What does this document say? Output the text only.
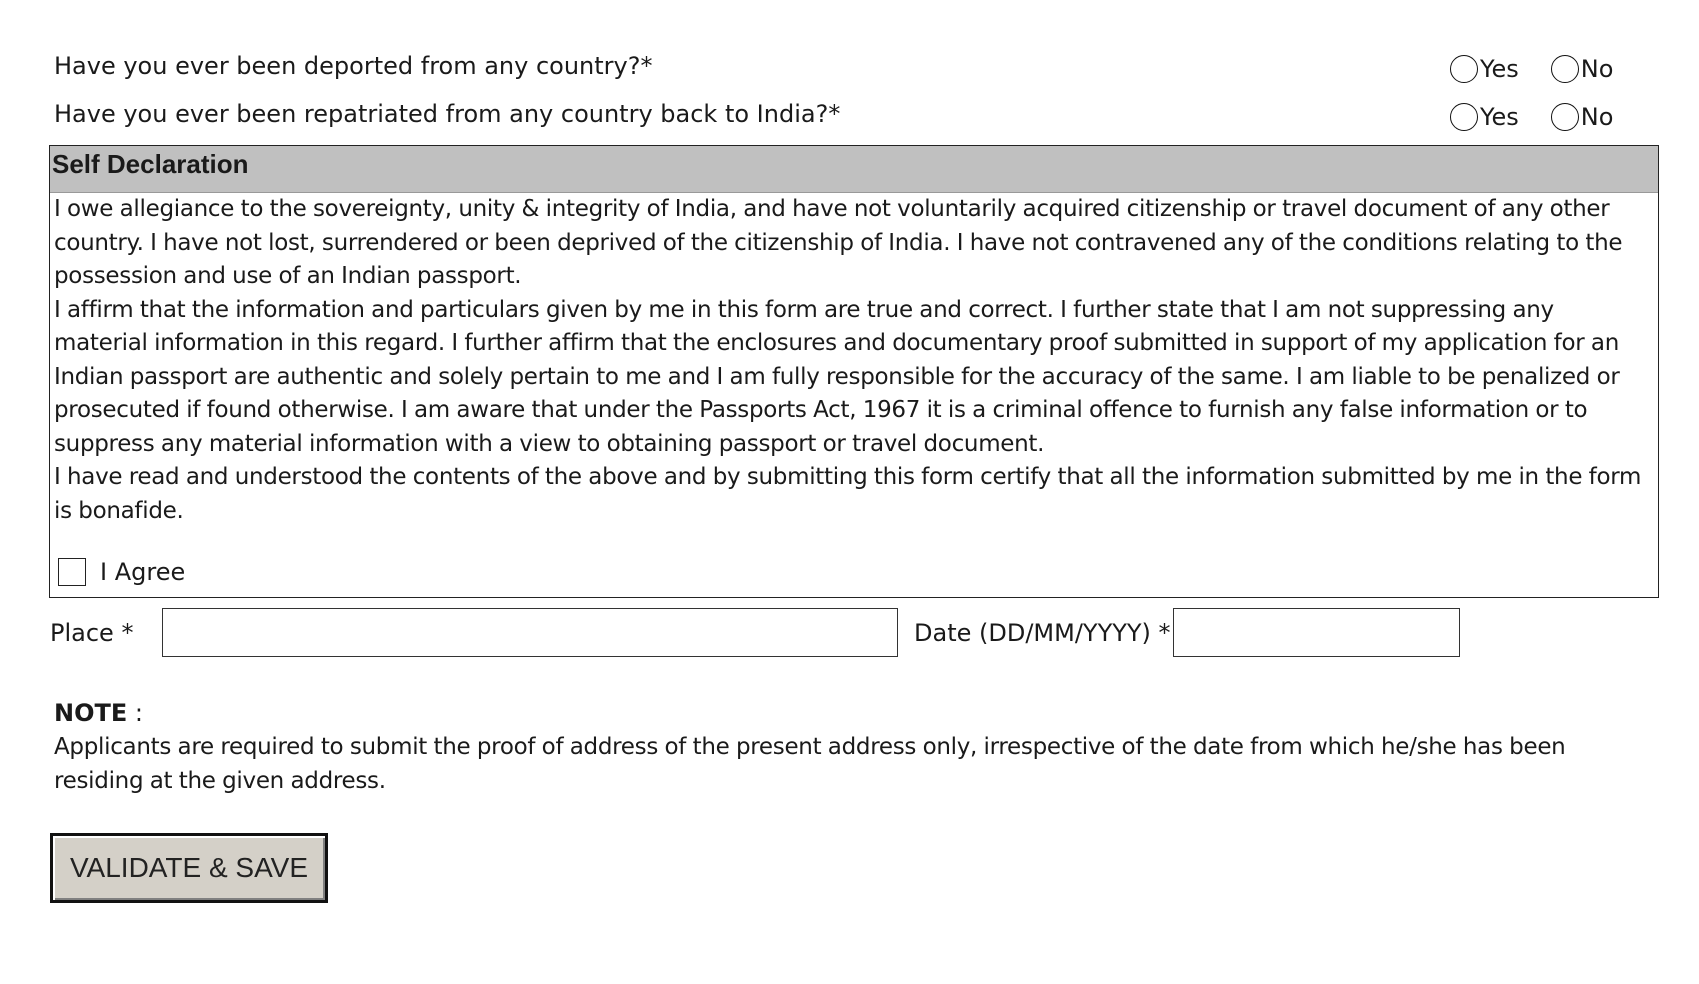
Have you ever been deported from any country?*	Yes	No
Have you ever been repatriated from any country back to India?*	Yes	No
Self Declaration

I owe allegiance to the sovereignty, unity & integrity of India, and have not voluntarily acquired citizenship or travel document of any other country. I have not lost, surrendered or been deprived of the citizenship of India. I have not contravened any of the conditions relating to the possession and use of an Indian passport.

I affirm that the information and particulars given by me in this form are true and correct. I further state that I am not suppressing any material information in this regard. I further affirm that the enclosures and documentary proof submitted in support of my application for an Indian passport are authentic and solely pertain to me and I am fully responsible for the accuracy of the same. I am liable to be penalized or prosecuted if found otherwise. I am aware that under the Passports Act, 1967 it is a criminal offence to furnish any false information or to suppress any material information with a view to obtaining passport or travel document.

I have read and understood the contents of the above and by submitting this form certify that all the information submitted by me in the form is bonafide.

I Agree
Place *	Date (DD/MM/YYYY) *
NOTE :
Applicants are required to submit the proof of address of the present address only, irrespective of the date from which he/she has been residing at the given address.
VALIDATE & SAVE
